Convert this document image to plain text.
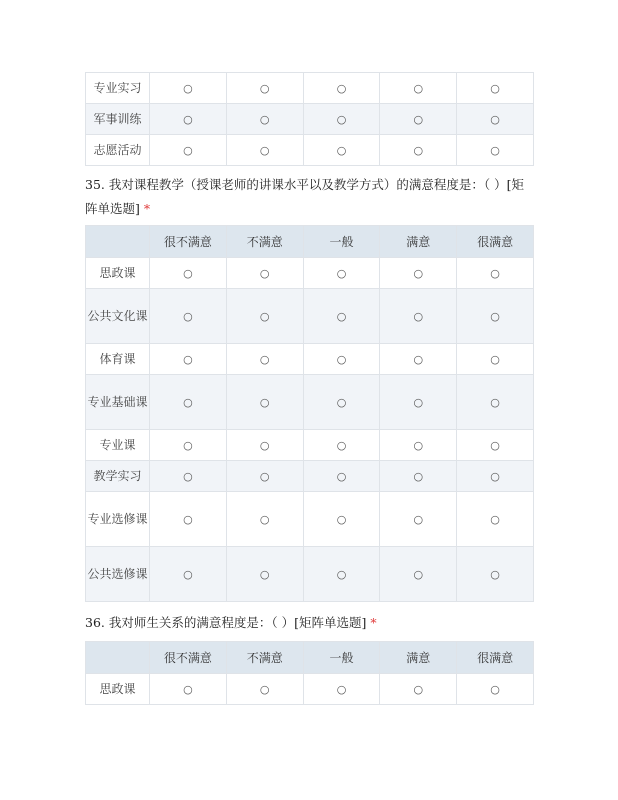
专业实习	○	○	○	○	○
军事训练	○	○	○	○	○
志愿活动	○	○	○	○	○

35. 我对课程教学（授课老师的讲课水平以及教学方式）的满意程度是：（ ）[矩阵单选题] *

	很不满意	不满意	一般	满意	很满意
思政课	○	○	○	○	○
公共文化课	○	○	○	○	○
体育课	○	○	○	○	○
专业基础课	○	○	○	○	○
专业课	○	○	○	○	○
教学实习	○	○	○	○	○
专业选修课	○	○	○	○	○
公共选修课	○	○	○	○	○

36. 我对师生关系的满意程度是：（ ）[矩阵单选题] *

	很不满意	不满意	一般	满意	很满意
思政课	○	○	○	○	○
